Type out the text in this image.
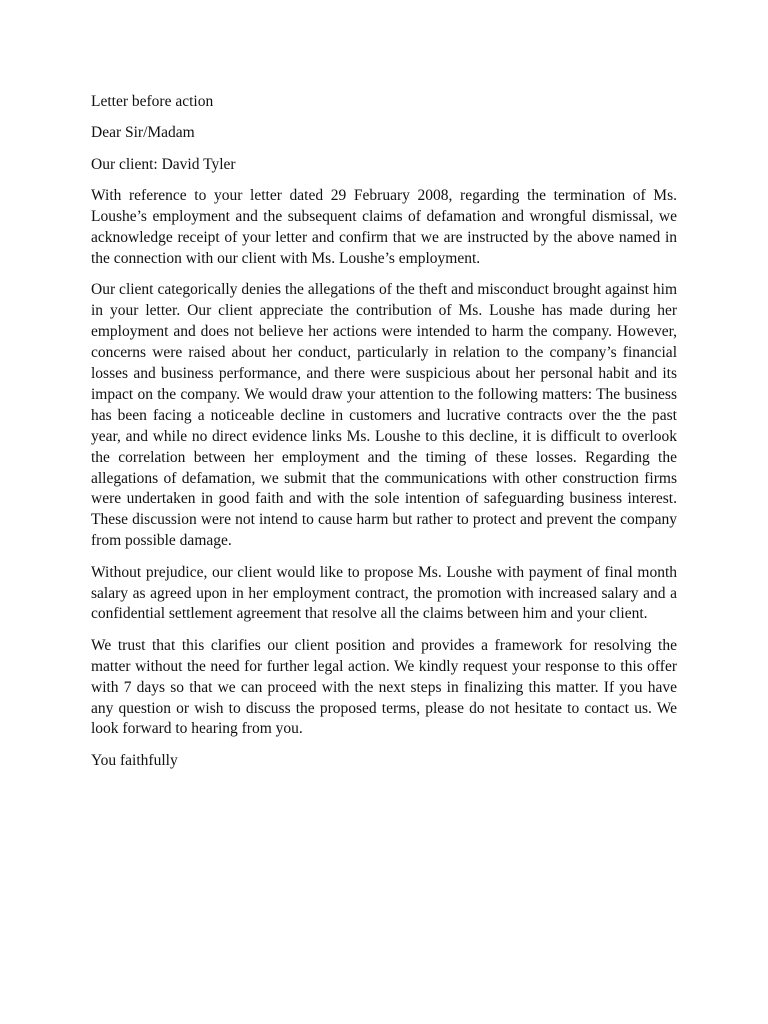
Letter before action

Dear Sir/Madam

Our client: David Tyler

With reference to your letter dated 29 February 2008, regarding the termination of Ms. Loushe’s employment and the subsequent claims of defamation and wrongful dismissal, we acknowledge receipt of your letter and confirm that we are instructed by the above named in the connection with our client with Ms. Loushe’s employment.

Our client categorically denies the allegations of the theft and misconduct brought against him in your letter. Our client appreciate the contribution of Ms. Loushe has made during her employment and does not believe her actions were intended to harm the company. However, concerns were raised about her conduct, particularly in relation to the company’s financial losses and business performance, and there were suspicious about her personal habit and its impact on the company. We would draw your attention to the following matters: The business has been facing a noticeable decline in customers and lucrative contracts over the the past year, and while no direct evidence links Ms. Loushe to this decline, it is difficult to overlook the correlation between her employment and the timing of these losses. Regarding the allegations of defamation, we submit that the communications with other construction firms were undertaken in good faith and with the sole intention of safeguarding business interest. These discussion were not intend to cause harm but rather to protect and prevent the company from possible damage.

Without prejudice, our client would like to propose Ms. Loushe with payment of final month salary as agreed upon in her employment contract, the promotion with increased salary and a confidential settlement agreement that resolve all the claims between him and your client.

We trust that this clarifies our client position and provides a framework for resolving the matter without the need for further legal action. We kindly request your response to this offer with 7 days so that we can proceed with the next steps in finalizing this matter. If you have any question or wish to discuss the proposed terms, please do not hesitate to contact us. We look forward to hearing from you.

You faithfully
